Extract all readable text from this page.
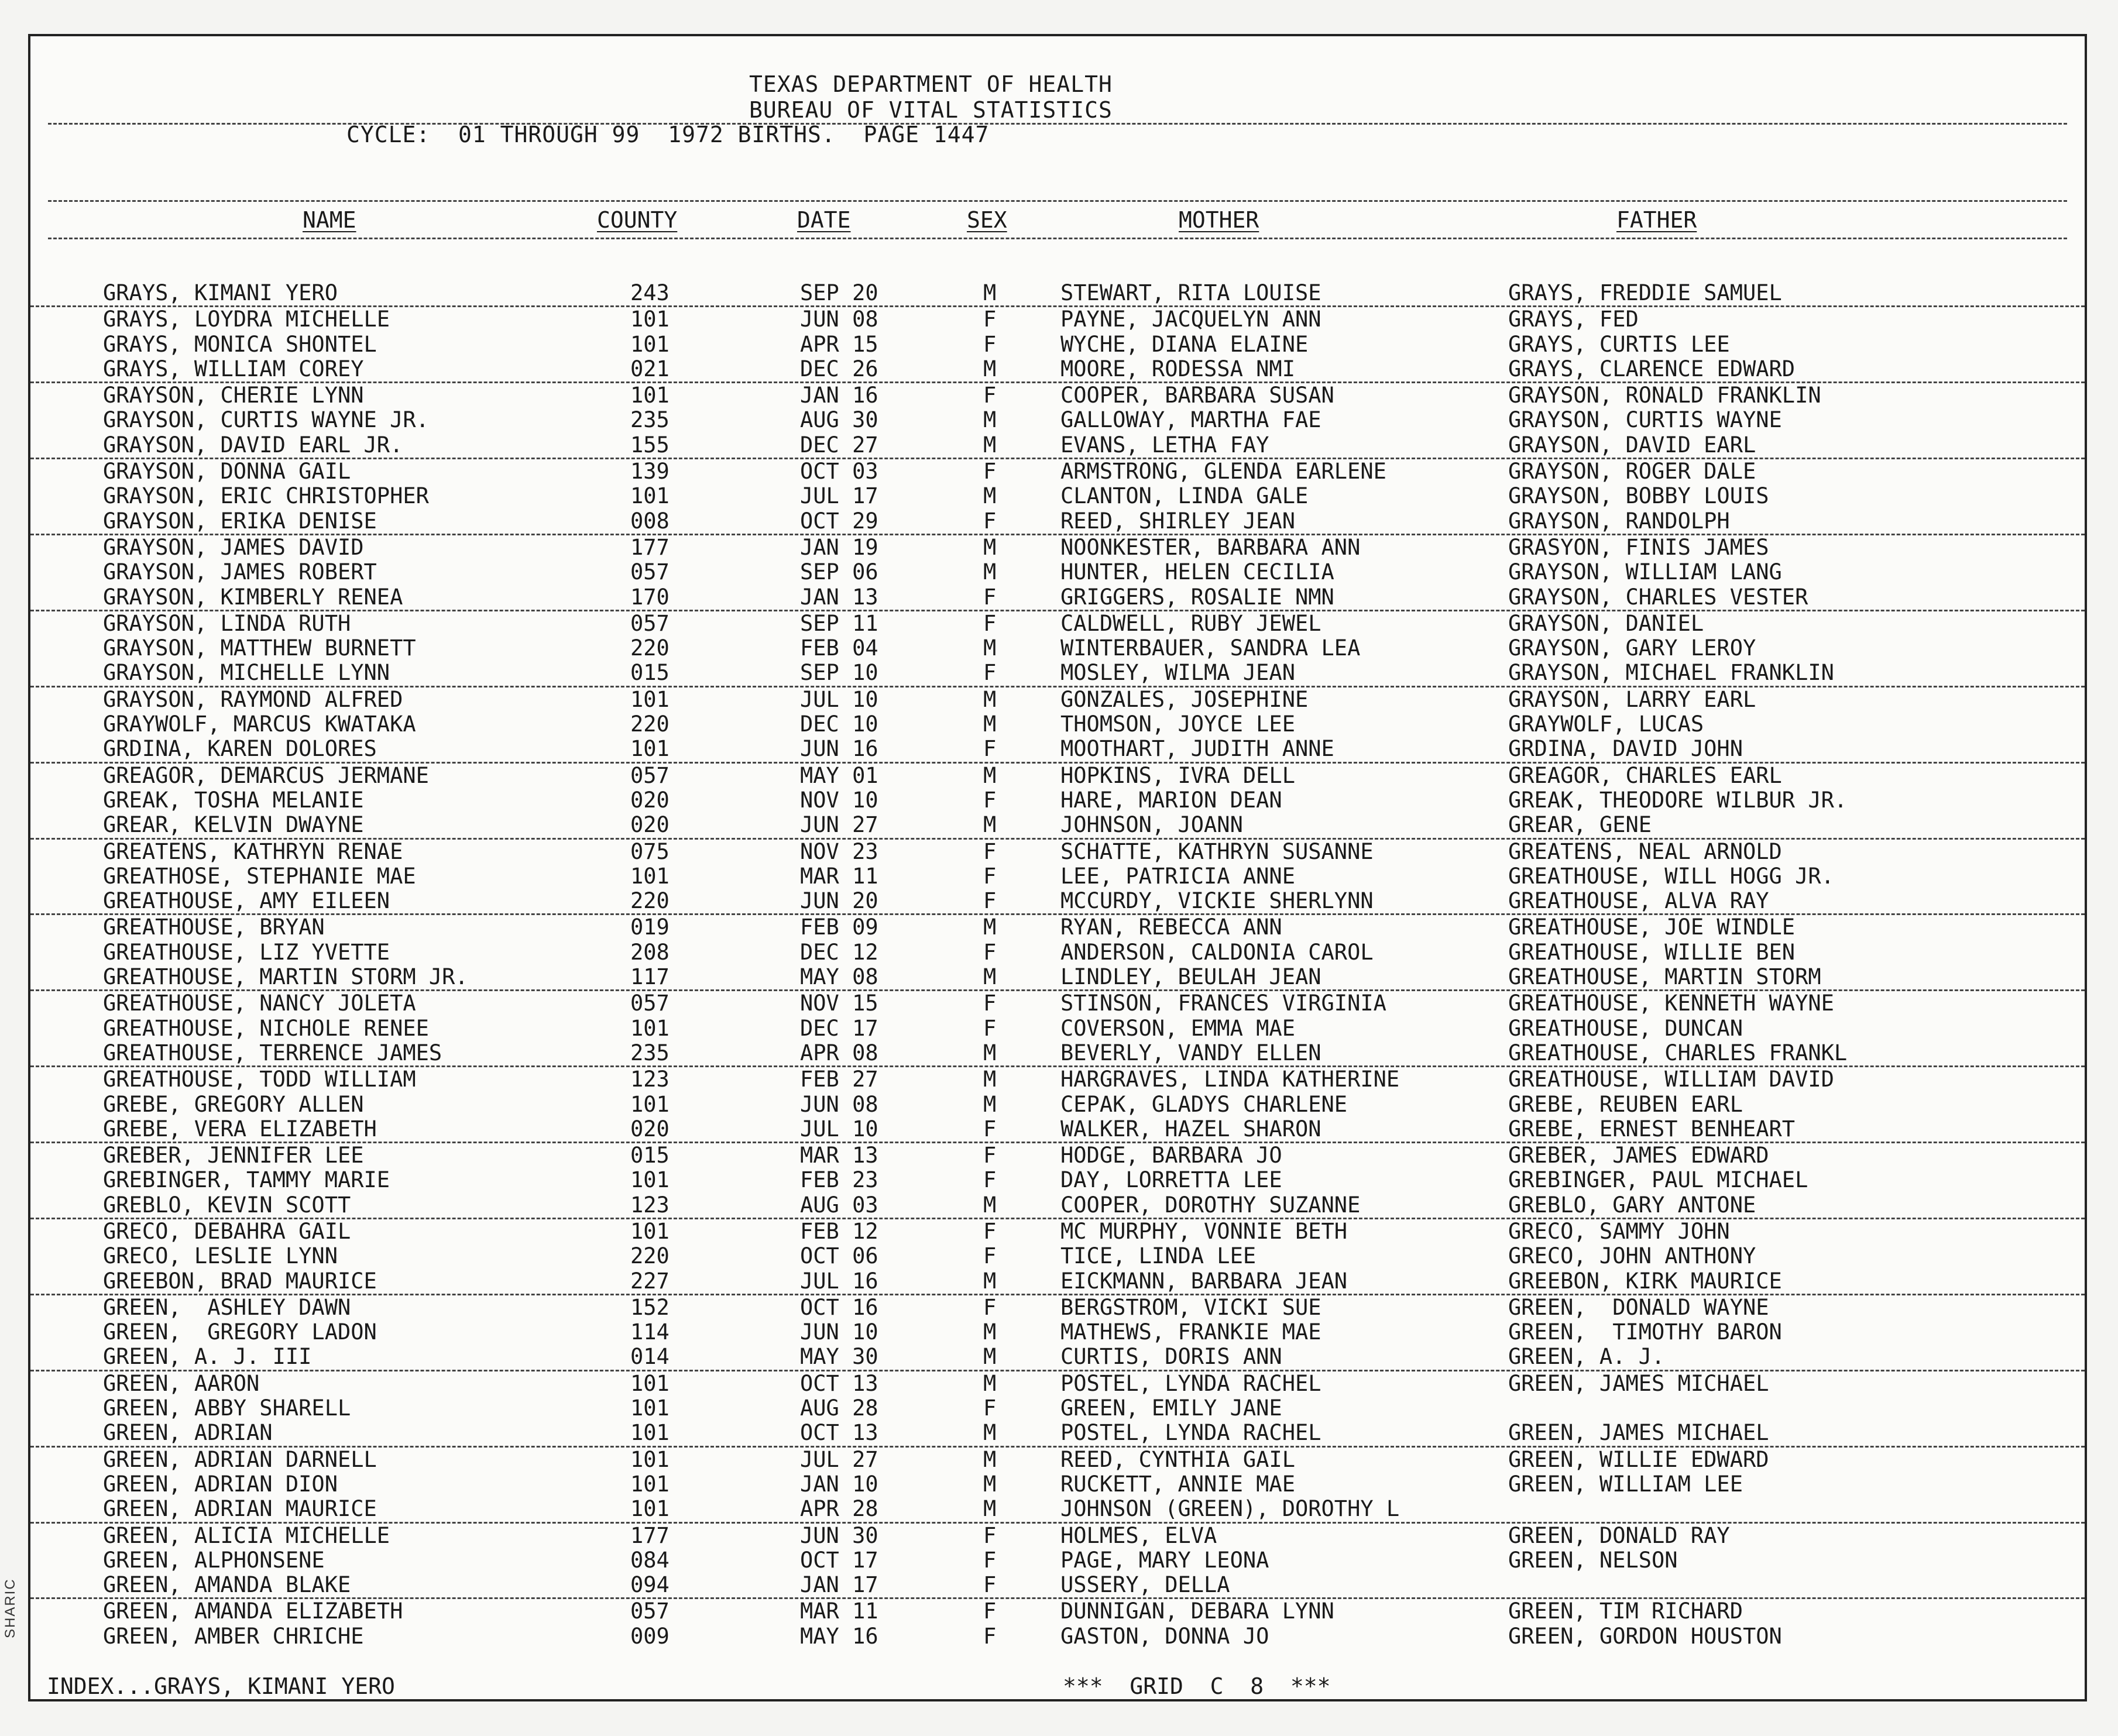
SHARIC
TEXAS DEPARTMENT OF HEALTH
BUREAU OF VITAL STATISTICS
CYCLE:  01 THROUGH 99  1972 BIRTHS.  PAGE 1447
NAME	COUNTY	DATE	SEX	MOTHER	FATHER
GRAYS, KIMANI YERO	243	SEP 20	M	STEWART, RITA LOUISE	GRAYS, FREDDIE SAMUEL
GRAYS, LOYDRA MICHELLE	101	JUN 08	F	PAYNE, JACQUELYN ANN	GRAYS, FED
GRAYS, MONICA SHONTEL	101	APR 15	F	WYCHE, DIANA ELAINE	GRAYS, CURTIS LEE
GRAYS, WILLIAM COREY	021	DEC 26	M	MOORE, RODESSA NMI	GRAYS, CLARENCE EDWARD
GRAYSON, CHERIE LYNN	101	JAN 16	F	COOPER, BARBARA SUSAN	GRAYSON, RONALD FRANKLIN
GRAYSON, CURTIS WAYNE JR.	235	AUG 30	M	GALLOWAY, MARTHA FAE	GRAYSON, CURTIS WAYNE
GRAYSON, DAVID EARL JR.	155	DEC 27	M	EVANS, LETHA FAY	GRAYSON, DAVID EARL
GRAYSON, DONNA GAIL	139	OCT 03	F	ARMSTRONG, GLENDA EARLENE	GRAYSON, ROGER DALE
GRAYSON, ERIC CHRISTOPHER	101	JUL 17	M	CLANTON, LINDA GALE	GRAYSON, BOBBY LOUIS
GRAYSON, ERIKA DENISE	008	OCT 29	F	REED, SHIRLEY JEAN	GRAYSON, RANDOLPH
GRAYSON, JAMES DAVID	177	JAN 19	M	NOONKESTER, BARBARA ANN	GRASYON, FINIS JAMES
GRAYSON, JAMES ROBERT	057	SEP 06	M	HUNTER, HELEN CECILIA	GRAYSON, WILLIAM LANG
GRAYSON, KIMBERLY RENEA	170	JAN 13	F	GRIGGERS, ROSALIE NMN	GRAYSON, CHARLES VESTER
GRAYSON, LINDA RUTH	057	SEP 11	F	CALDWELL, RUBY JEWEL	GRAYSON, DANIEL
GRAYSON, MATTHEW BURNETT	220	FEB 04	M	WINTERBAUER, SANDRA LEA	GRAYSON, GARY LEROY
GRAYSON, MICHELLE LYNN	015	SEP 10	F	MOSLEY, WILMA JEAN	GRAYSON, MICHAEL FRANKLIN
GRAYSON, RAYMOND ALFRED	101	JUL 10	M	GONZALES, JOSEPHINE	GRAYSON, LARRY EARL
GRAYWOLF, MARCUS KWATAKA	220	DEC 10	M	THOMSON, JOYCE LEE	GRAYWOLF, LUCAS
GRDINA, KAREN DOLORES	101	JUN 16	F	MOOTHART, JUDITH ANNE	GRDINA, DAVID JOHN
GREAGOR, DEMARCUS JERMANE	057	MAY 01	M	HOPKINS, IVRA DELL	GREAGOR, CHARLES EARL
GREAK, TOSHA MELANIE	020	NOV 10	F	HARE, MARION DEAN	GREAK, THEODORE WILBUR JR.
GREAR, KELVIN DWAYNE	020	JUN 27	M	JOHNSON, JOANN	GREAR, GENE
GREATENS, KATHRYN RENAE	075	NOV 23	F	SCHATTE, KATHRYN SUSANNE	GREATENS, NEAL ARNOLD
GREATHOSE, STEPHANIE MAE	101	MAR 11	F	LEE, PATRICIA ANNE	GREATHOUSE, WILL HOGG JR.
GREATHOUSE, AMY EILEEN	220	JUN 20	F	MCCURDY, VICKIE SHERLYNN	GREATHOUSE, ALVA RAY
GREATHOUSE, BRYAN	019	FEB 09	M	RYAN, REBECCA ANN	GREATHOUSE, JOE WINDLE
GREATHOUSE, LIZ YVETTE	208	DEC 12	F	ANDERSON, CALDONIA CAROL	GREATHOUSE, WILLIE BEN
GREATHOUSE, MARTIN STORM JR.	117	MAY 08	M	LINDLEY, BEULAH JEAN	GREATHOUSE, MARTIN STORM
GREATHOUSE, NANCY JOLETA	057	NOV 15	F	STINSON, FRANCES VIRGINIA	GREATHOUSE, KENNETH WAYNE
GREATHOUSE, NICHOLE RENEE	101	DEC 17	F	COVERSON, EMMA MAE	GREATHOUSE, DUNCAN
GREATHOUSE, TERRENCE JAMES	235	APR 08	M	BEVERLY, VANDY ELLEN	GREATHOUSE, CHARLES FRANKL
GREATHOUSE, TODD WILLIAM	123	FEB 27	M	HARGRAVES, LINDA KATHERINE	GREATHOUSE, WILLIAM DAVID
GREBE, GREGORY ALLEN	101	JUN 08	M	CEPAK, GLADYS CHARLENE	GREBE, REUBEN EARL
GREBE, VERA ELIZABETH	020	JUL 10	F	WALKER, HAZEL SHARON	GREBE, ERNEST BENHEART
GREBER, JENNIFER LEE	015	MAR 13	F	HODGE, BARBARA JO	GREBER, JAMES EDWARD
GREBINGER, TAMMY MARIE	101	FEB 23	F	DAY, LORRETTA LEE	GREBINGER, PAUL MICHAEL
GREBLO, KEVIN SCOTT	123	AUG 03	M	COOPER, DOROTHY SUZANNE	GREBLO, GARY ANTONE
GRECO, DEBAHRA GAIL	101	FEB 12	F	MC MURPHY, VONNIE BETH	GRECO, SAMMY JOHN
GRECO, LESLIE LYNN	220	OCT 06	F	TICE, LINDA LEE	GRECO, JOHN ANTHONY
GREEBON, BRAD MAURICE	227	JUL 16	M	EICKMANN, BARBARA JEAN	GREEBON, KIRK MAURICE
GREEN,  ASHLEY DAWN	152	OCT 16	F	BERGSTROM, VICKI SUE	GREEN,  DONALD WAYNE
GREEN,  GREGORY LADON	114	JUN 10	M	MATHEWS, FRANKIE MAE	GREEN,  TIMOTHY BARON
GREEN, A. J. III	014	MAY 30	M	CURTIS, DORIS ANN	GREEN, A. J.
GREEN, AARON	101	OCT 13	M	POSTEL, LYNDA RACHEL	GREEN, JAMES MICHAEL
GREEN, ABBY SHARELL	101	AUG 28	F	GREEN, EMILY JANE
GREEN, ADRIAN	101	OCT 13	M	POSTEL, LYNDA RACHEL	GREEN, JAMES MICHAEL
GREEN, ADRIAN DARNELL	101	JUL 27	M	REED, CYNTHIA GAIL	GREEN, WILLIE EDWARD
GREEN, ADRIAN DION	101	JAN 10	M	RUCKETT, ANNIE MAE	GREEN, WILLIAM LEE
GREEN, ADRIAN MAURICE	101	APR 28	M	JOHNSON (GREEN), DOROTHY L
GREEN, ALICIA MICHELLE	177	JUN 30	F	HOLMES, ELVA	GREEN, DONALD RAY
GREEN, ALPHONSENE	084	OCT 17	F	PAGE, MARY LEONA	GREEN, NELSON
GREEN, AMANDA BLAKE	094	JAN 17	F	USSERY, DELLA
GREEN, AMANDA ELIZABETH	057	MAR 11	F	DUNNIGAN, DEBARA LYNN	GREEN, TIM RICHARD
GREEN, AMBER CHRICHE	009	MAY 16	F	GASTON, DONNA JO	GREEN, GORDON HOUSTON
INDEX...GRAYS, KIMANI YERO	***  GRID  C  8  ***
